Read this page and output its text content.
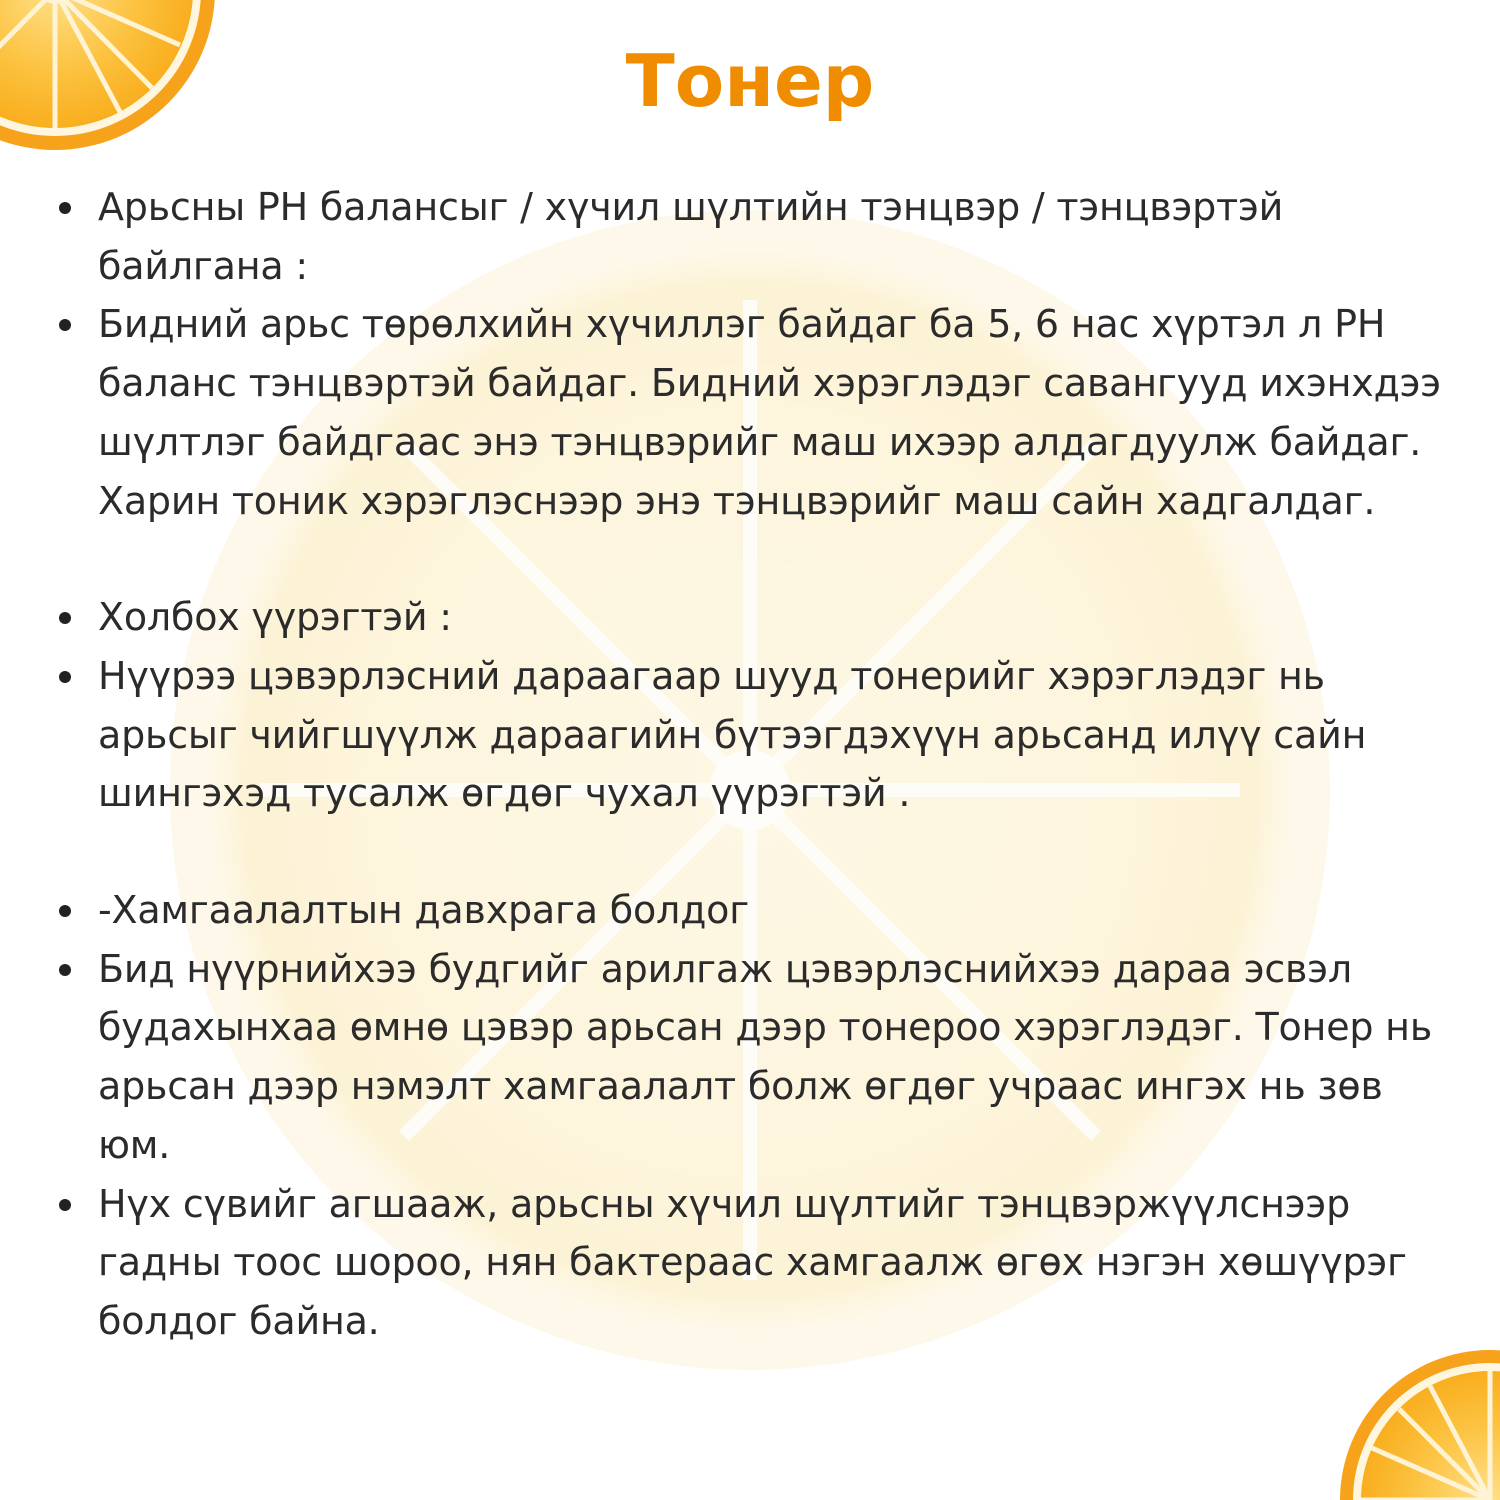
Тонер
Арьсны PH балансыг / хүчил шүлтийн тэнцвэр / тэнцвэртэй байлгана :
Бидний арьс төрөлхийн хүчиллэг байдаг ба 5, 6 нас хүртэл л PH баланс тэнцвэртэй байдаг. Бидний хэрэглэдэг савангууд ихэнхдээ шүлтлэг байдгаас энэ тэнцвэрийг маш ихээр алдагдуулж байдаг. Харин тоник хэрэглэснээр энэ тэнцвэрийг маш сайн хадгалдаг.
Холбох үүрэгтэй :
Нүүрээ цэвэрлэсний дараагаар шууд тонерийг хэрэглэдэг нь арьсыг чийгшүүлж дараагийн бүтээгдэхүүн арьсанд илүү сайн шингэхэд тусалж өгдөг чухал үүрэгтэй .
-Хамгаалалтын давхрага болдог
Бид нүүрнийхээ будгийг арилгаж цэвэрлэснийхээ дараа эсвэл будахынхаа өмнө цэвэр арьсан дээр тонероо хэрэглэдэг. Тонер нь арьсан дээр нэмэлт хамгаалалт болж өгдөг учраас ингэх нь зөв юм.
Нүх сүвийг агшааж, арьсны хүчил шүлтийг тэнцвэржүүлснээр гадны тоос шороо, нян бактераас хамгаалж өгөх нэгэн хөшүүрэг болдог байна.
